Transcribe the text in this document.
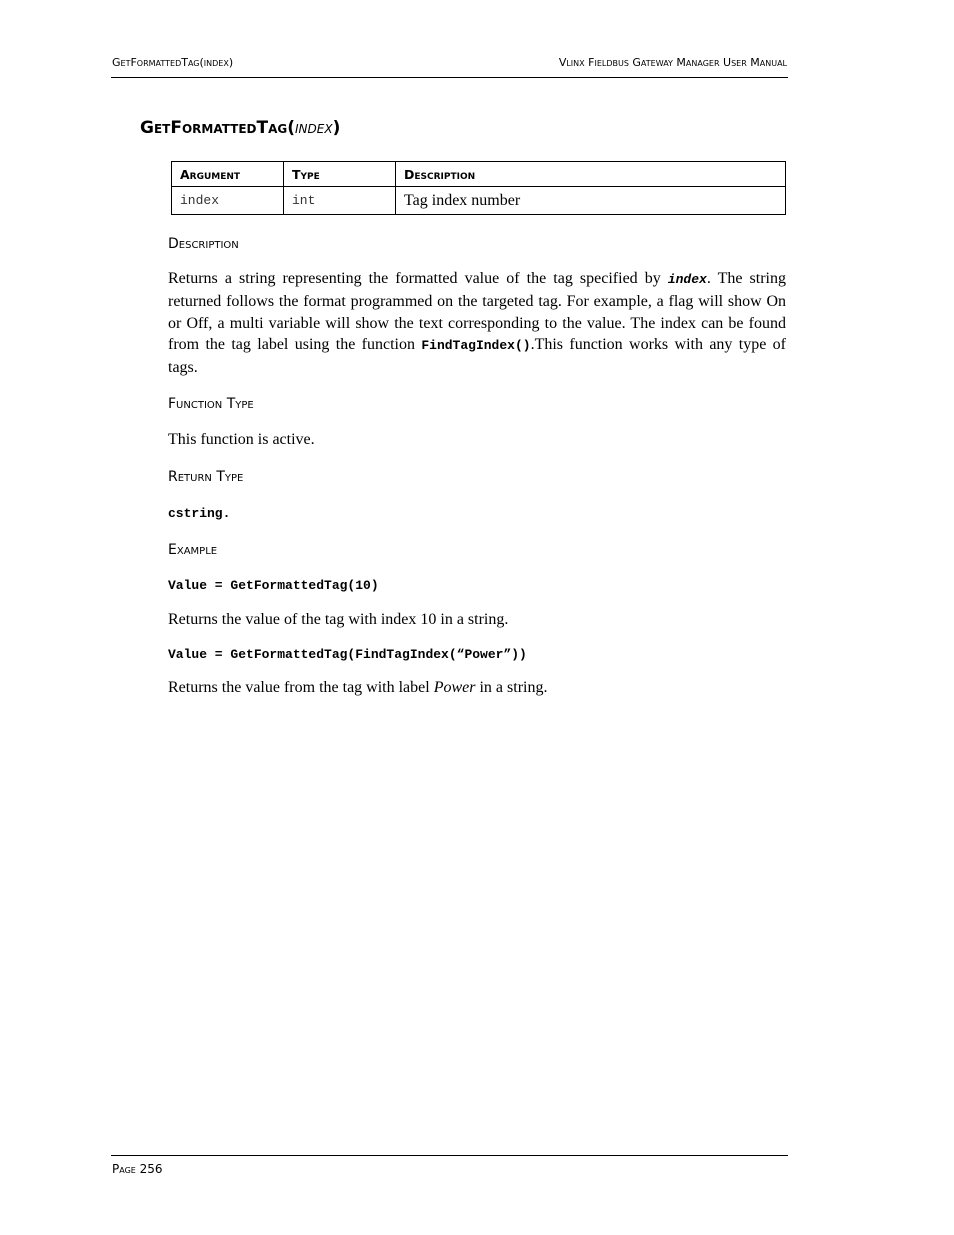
GetFormattedTag(index)	Vlinx Fieldbus Gateway Manager User Manual
GetFormattedTag(index)
Argument	Type	Description
index	int	Tag index number
Description
Returns a string representing the formatted value of the tag specified by index. The string returned follows the format programmed on the targeted tag. For example, a flag will show On or Off, a multi variable will show the text corresponding to the value. The index can be found from the tag label using the function FindTagIndex().This function works with any type of tags.
Function Type
This function is active.
Return Type
cstring.
Example
Value = GetFormattedTag(10)
Returns the value of the tag with index 10 in a string.
Value = GetFormattedTag(FindTagIndex(“Power”))
Returns the value from the tag with label Power in a string.
Page 256
